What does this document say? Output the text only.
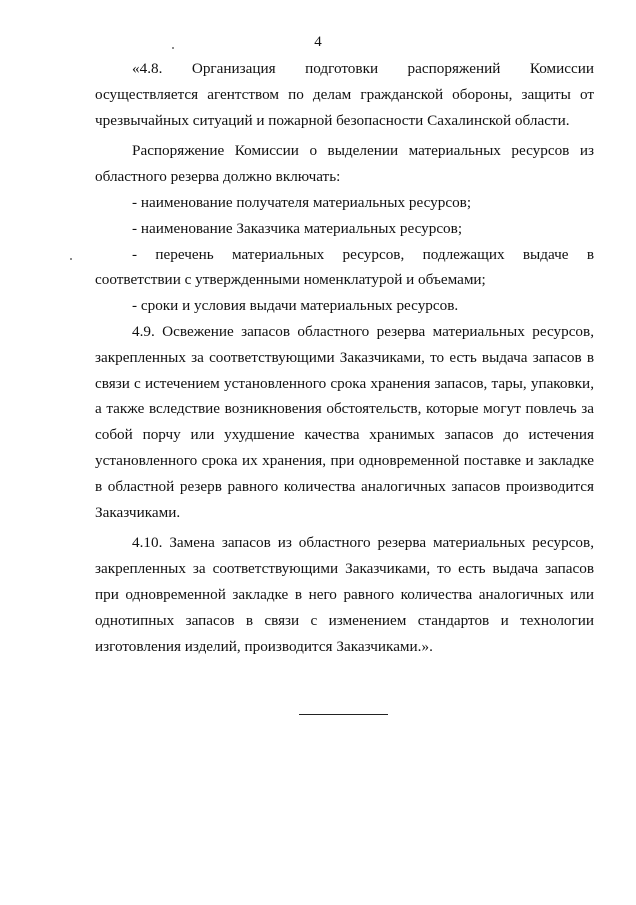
4

«4.8. Организация подготовки распоряжений Комиссии осуществляется агентством по делам гражданской обороны, защиты от чрезвычайных ситуаций и пожарной безопасности Сахалинской области.

Распоряжение Комиссии о выделении материальных ресурсов из областного резерва должно включать:

- наименование получателя материальных ресурсов;

- наименование Заказчика материальных ресурсов;

- перечень материальных ресурсов, подлежащих выдаче в соответствии с утвержденными номенклатурой и объемами;

- сроки и условия выдачи материальных ресурсов.

4.9. Освежение запасов областного резерва материальных ресурсов, закрепленных за соответствующими Заказчиками, то есть выдача запасов в связи с истечением установленного срока хранения запасов, тары, упаковки, а также вследствие возникновения обстоятельств, которые могут повлечь за собой порчу или ухудшение качества хранимых запасов до истечения установленного срока их хранения, при одновременной поставке и закладке в областной резерв равного количества аналогичных запасов производится Заказчиками.

4.10. Замена запасов из областного резерва материальных ресурсов, закрепленных за соответствующими Заказчиками, то есть выдача запасов при одновременной закладке в него равного количества аналогичных или однотипных запасов в связи с изменением стандартов и технологии изготовления изделий, производится Заказчиками.».
